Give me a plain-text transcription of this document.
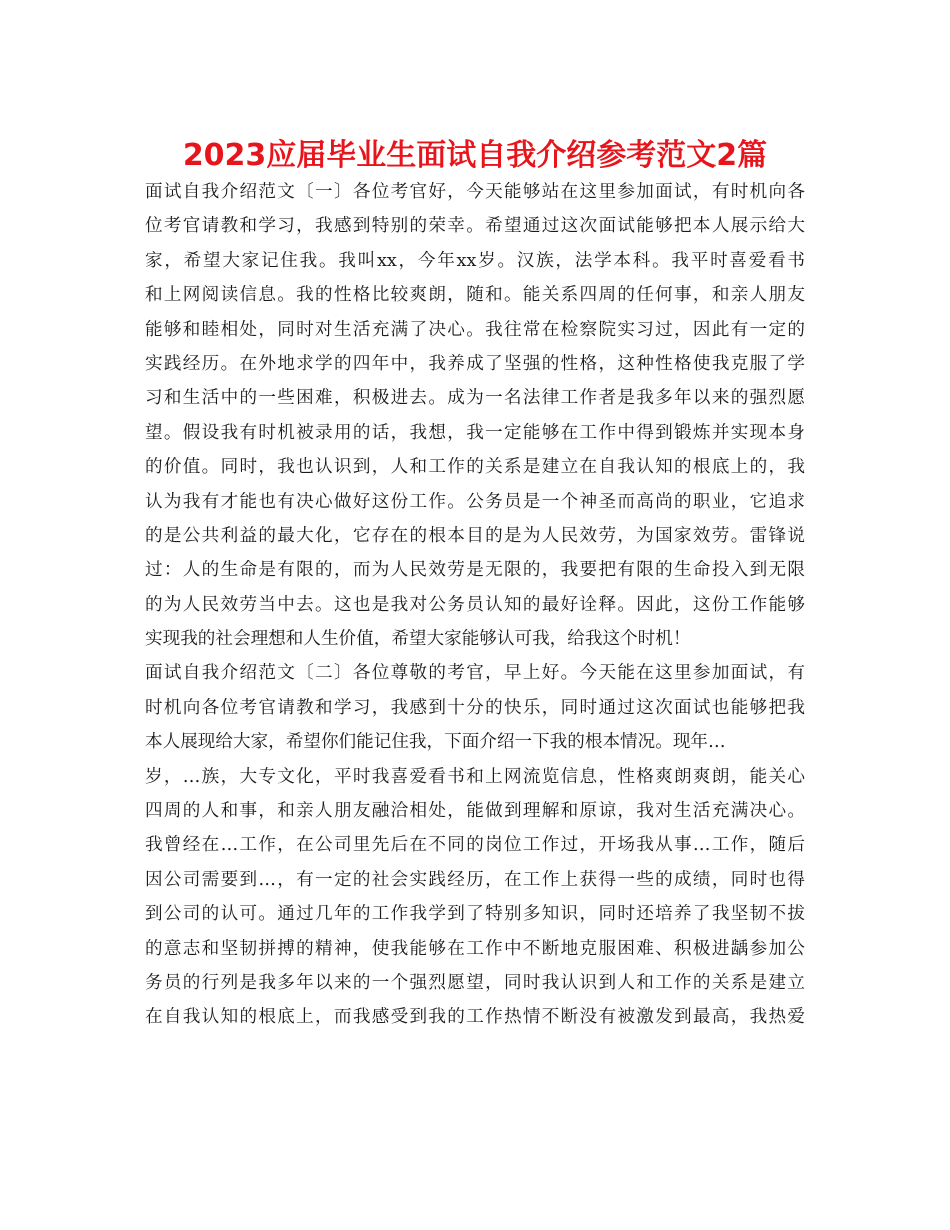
2023应届毕业生面试自我介绍参考范文2篇
面试自我介绍范文〔一〕各位考官好，今天能够站在这里参加面试，有时机向各
位考官请教和学习，我感到特别的荣幸。希望通过这次面试能够把本人展示给大
家，希望大家记住我。我叫xx，今年xx岁。汉族，法学本科。我平时喜爱看书
和上网阅读信息。我的性格比较爽朗，随和。能关系四周的任何事，和亲人朋友
能够和睦相处，同时对生活充满了决心。我往常在检察院实习过，因此有一定的
实践经历。在外地求学的四年中，我养成了坚强的性格，这种性格使我克服了学
习和生活中的一些困难，积极进去。成为一名法律工作者是我多年以来的强烈愿
望。假设我有时机被录用的话，我想，我一定能够在工作中得到锻炼并实现本身
的价值。同时，我也认识到，人和工作的关系是建立在自我认知的根底上的，我
认为我有才能也有决心做好这份工作。公务员是一个神圣而高尚的职业，它追求
的是公共利益的最大化，它存在的根本目的是为人民效劳，为国家效劳。雷锋说
过：人的生命是有限的，而为人民效劳是无限的，我要把有限的生命投入到无限
的为人民效劳当中去。这也是我对公务员认知的最好诠释。因此，这份工作能够
实现我的社会理想和人生价值，希望大家能够认可我，给我这个时机！
面试自我介绍范文〔二〕各位尊敬的考官，早上好。今天能在这里参加面试，有
时机向各位考官请教和学习，我感到十分的快乐，同时通过这次面试也能够把我
本人展现给大家，希望你们能记住我，下面介绍一下我的根本情况。现年…
岁，…族，大专文化，平时我喜爱看书和上网流览信息，性格爽朗爽朗，能关心
四周的人和事，和亲人朋友融洽相处，能做到理解和原谅，我对生活充满决心。
我曾经在…工作，在公司里先后在不同的岗位工作过，开场我从事…工作，随后
因公司需要到…，有一定的社会实践经历，在工作上获得一些的成绩，同时也得
到公司的认可。通过几年的工作我学到了特别多知识，同时还培养了我坚韧不拔
的意志和坚韧拼搏的精神，使我能够在工作中不断地克服困难、积极进龋参加公
务员的行列是我多年以来的一个强烈愿望，同时我认识到人和工作的关系是建立
在自我认知的根底上，而我感受到我的工作热情不断没有被激发到最高，我热爱
